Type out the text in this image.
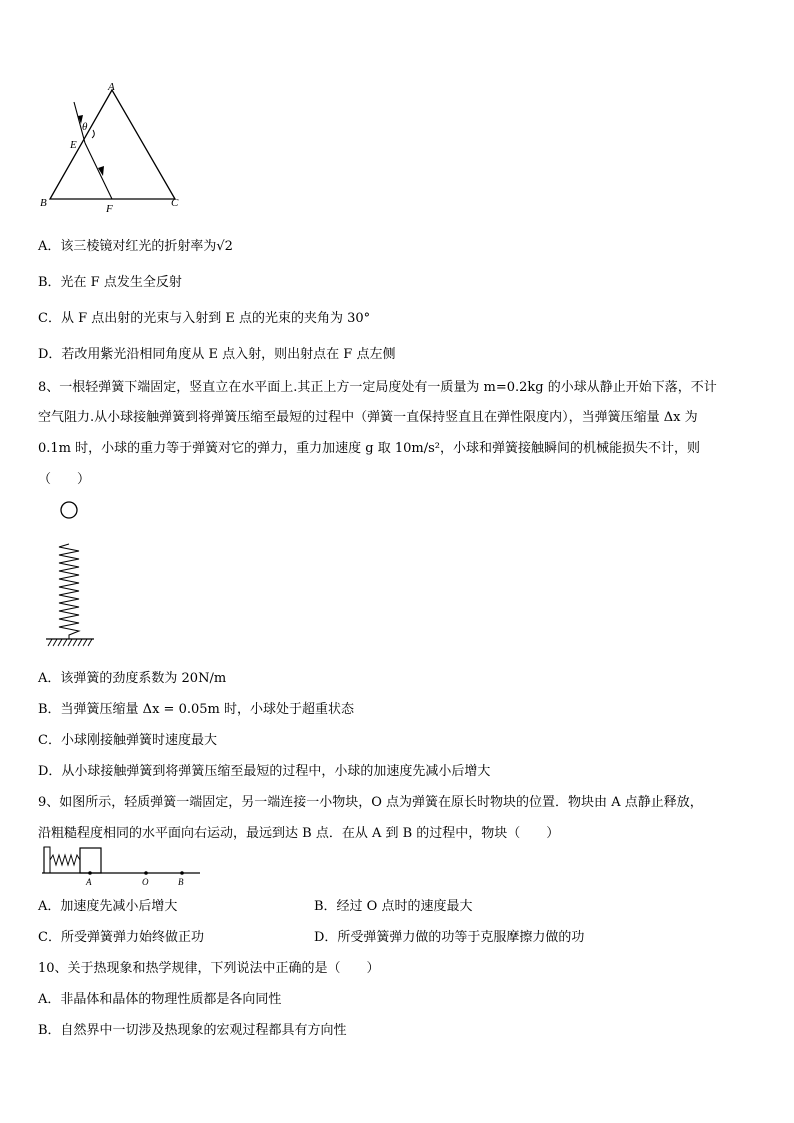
A
θ
E
B	F	C
A．该三棱镜对红光的折射率为√2
B．光在 F 点发生全反射
C．从 F 点出射的光束与入射到 E 点的光束的夹角为 30°
D．若改用紫光沿相同角度从 E 点入射，则出射点在 F 点左侧
8、一根轻弹簧下端固定，竖直立在水平面上.其正上方一定局度处有一质量为 m=0.2kg 的小球从静止开始下落，不计
空气阻力.从小球接触弹簧到将弹簧压缩至最短的过程中（弹簧一直保持竖直且在弹性限度内），当弹簧压缩量 Δx 为
0.1m 时，小球的重力等于弹簧对它的弹力，重力加速度 g 取 10m/s²，小球和弹簧接触瞬间的机械能损失不计，则
（　　）
A．该弹簧的劲度系数为 20N/m
B．当弹簧压缩量 Δx = 0.05m 时，小球处于超重状态
C．小球刚接触弹簧时速度最大
D．从小球接触弹簧到将弹簧压缩至最短的过程中，小球的加速度先减小后增大
9、如图所示，轻质弹簧一端固定，另一端连接一小物块，O 点为弹簧在原长时物块的位置．物块由 A 点静止释放，
沿粗糙程度相同的水平面向右运动，最远到达 B 点．在从 A 到 B 的过程中，物块（　　）
A	O	B
A．加速度先减小后增大	B．经过 O 点时的速度最大
C．所受弹簧弹力始终做正功	D．所受弹簧弹力做的功等于克服摩擦力做的功
10、关于热现象和热学规律，下列说法中正确的是（　　）
A．非晶体和晶体的物理性质都是各向同性
B．自然界中一切涉及热现象的宏观过程都具有方向性
